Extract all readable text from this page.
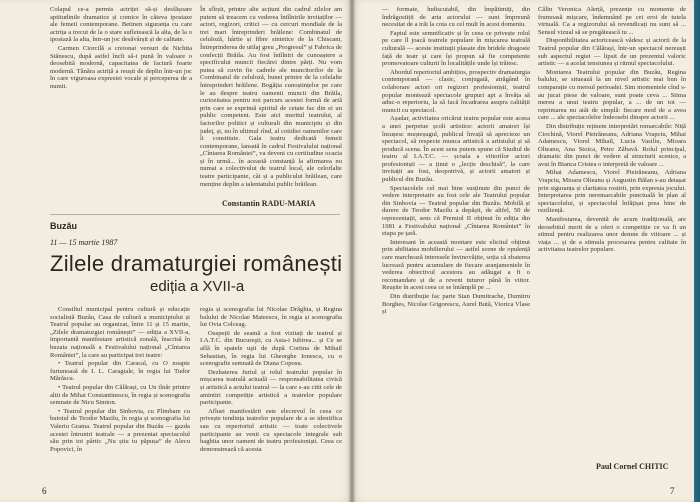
Colapul ce-a permis actriței să-și desfășoare aptitudinile dramatice și comice în câteva ipostaze ale femeii contemporane. Betinen siguranța cu care actrița a trecut de la o stare sufletească la alta, de la o ipostază la alta, într-un joc desăvârșit și de calitate.

Carmen Ciorcilă a creionat versuri de Nichita Stănescu, după astfel încît să-i pună în valoare o deosebită modernă, capacitatea de factură foarte modernă. Tânăra actriță a reușit de deplin într-un joc în care viguroasa expresiei vocale și perceperea de a numit.

În sfîrșit, printre alte acțiuni din cadrul zilelor am putem să treacem cu vederea întîlnirile invitaților — actori, regizori, critici — cu cercuri mondiale de la trei mari întreprinderi brăilene: Combinatul de celuloză, hârtie și fibre sintetice de la Chiscani, Întreprinderea de utilaj greu „Progresul” și Fabrica de confecții Brăila. Au fost întîlniri de cunoaștere a specificului muncii fiecărei dintre părți. Nu vom putea să cuvin fie cadrele ale muncitorilor de la Combinatul de celuloză, bunei prinire de la celelalte întreprinderi brăilene. Bogăția cunoștințelor pe care le au despre teatru oamenii muncii din Brăila, curiozitatea pentru noi parcurs acestei formă de artă prin care se exprimă spiritul de cetate fac din ei un public competent. Este aici meritul teatrului, al factorilor politici și culturali din municipiu și din județ, și, nu în ultimul rînd, al cotidiei oamenilor care îi constituie. Gala teatru dedicată femeii contemporane, lansată în cadrul Festivalului național „Cîntarea României”, va deveni cu certitudine ocazia și în urmă... în această constanță la afirmarea nu numai a colectivului de teatrul local, ale celorlalte teatre participante, cât și a publicului brăilean, care menține deplin a talentatului public brăilean.

Constantin RADU-MARIA
Buzău
11 — 15 martie 1987
Zilele dramaturgiei românești
ediția a XVII-a

Consiliul municipal pentru cultură și educație socialistă Buzău, Casa de cultură a municipiului și Teatrul popular au organizat, între 11 și 15 martie, „Zilele dramaturgiei românești” — ediția a XVII-a, importantă manifestare artistică zonală, înscrisă în buzaia națională a Festivalului național „Cîntarea României”, la care au participat trei teatre:

• Teatrul popular din Caracal, cu O noapte furtunoasă de I. L. Caragiale, în regia lui Tudor Mărăscu.

• Teatrul popular din Călărași, cu Un tînăr printre altii de Mihai Constantinescu, în regia și scenografia semnate de Nicu Simion.

• Teatrul popular din Sinbovia, cu Plimbare cu butoiul de Teodor Mazilu, în regia și scenografia lui Valeriu Grama. Teatrul popular din Buzău — gazda acestei întruniri teatrale — a prezentat spectacolul său prin tot pârtic „Nu știu tu păpușa” de Alecu Popovici, în

regia și scenografia lui Nicolae Drăghia, și Regina balului de Nicolae Mateescu, în regia și scenografia lui Ovia Colceag.

Oaspeții de seamă a fost vizitați de teatrul și I.A.T.C. din Bucureşti, cu Asta-i Iubirea... și Ce se află în spatele ușii de după Cortina de Mihail Sebastian, în regia lui Gheorghe Ionescu, cu o scenografie semnată de Diana Coposu.

Dezbaterea Juriul și rolul teatrului popular în mișcarea teatrală actuală — responsabilitatea civică și artistică a actului teatral — la care s-au citit cele de amintiri competiție artistică a teatrelor populare participante.

Afluei manifestării este elecrevul în ceea ce privește tendința teatrelor populare de a se identifica sau cu repertoriul artistic — toate colectivele participante au venit cu spectacole integrale sub haghita unor oameni de teatru profesioniști. Ceea ce demonstrează că acesta

6

— formate, îndiscutabil, din împătimiți, din îndrăgostiții de arta actorului — sunt împreună necesitat de a trăi la cota cu cel mult în acest domeniu.

Faptul este semnificativ și în ceea ce privește rolul pe care îl joacă teatrele populare în mișcarea teatrală culturală — aceste instituții plasate din bridele dragoste față de teatr și care își propun să fie competente promovatoare culturii în localitățile unde își trăiesc.

Abordul repertoriul ambițios, prospectiv dramaturgia contemporană — clasic, conjugată, atrăgând în colaborare actori ori regizori profesioniști, teatrul popular montează spectacole grupuri apt a învăța să aduc-o repertoriu, la să facă încadrarea asupra calității muncii cu spectacol.

Așadar, activitatea oricărui teatru popular este aceea a unei perpetue școli artistice: actorii amatori își însușesc meșteșugul, publicul învață să aprecieze un spectacol, să respecte munca artistică a artistului și să producă scena. În acest sens putem spune că Studiul de teatru al I.A.T.C. — școala a viitorilor actori profesioniști — a ținut o „lecție deschisă”, la care invitații au fost, deopotrivă, și actorii amatori și publicul din Buzău.

Spectacolele cel mai bine susținute din punct de vedere interpretativ au fost cele ale Teatrului popular din Sinbovia — Teatrul popular din Buzău. Mobilă și durere de Teodor Mazilu a depășit, de altfel, 50 de reprezentații, sens că Premiul II obținut în ediția din 1981 a Festivalului național „Cîntarea României” în etapa pe țară.

Interesant în această montare este elicitul obținut prin abilitatea mobilierului — astfel scene de opulență care marchează interesele învinovățite, soția că zbaterea lucrează pentru acumulare de fiecare aranjamentele în vederea obiectivul acestora au adăugat a fi o recomandare și de a reveni tuturor până în viitor. Reușite în acest ceea ce se întâmplă pe ...

Din distribuție fac parte Stan Dumitrache, Dumitru Borghes, Nicolae Grigorescu, Aurel Bută, Viorica Vlase și

Călin Veronica Alerță, prezențe cu momente de frumoasă mișcare, îndemnând pe cei eroi de tutela virtuală. Ca a regizorului să revendicați nu sunt să ... Sensul vizual să se pregătească tu ...

Disponibilitatea actoricească vădesc și actorii de la Teatrul popular din Călărași, într-un spectacol nereușit sub aspectul regiei — lipsit de un prezentul valoric artistic — a acelat tensiunea și ritmul spectacolului.

Montarea Teatrului popular din Buzău, Regina balului, se situează la un nivel artistic mai bun în comparație cu mersul perioadei. Sim momentele cînd s-au jucat piese de valoare, sunt poate ceva ... Stima mereu a unui teatru popular, a ... de un tot — reprimarea nu atât de simplă: fiecare mod de a avea care ... ale spectacolelor îndeosebi dinspre actorii ...

Din distribuție reținem interpretări remarcabile: Niță Ciochină, Viorel Pietrăneanu, Adriana Vrapciu, Mihai Adamescu, Viorel Mihail, Lucia Vasiliu, Mioara Olteanu, Ana Stoica, Petre Zăbavă. Rolul principal, dramatic din punct de vedere al structurii scenice, a avut în Bianca Cristea o interpretă de valoare ...

Mihai Adamescu, Viorel Pietrăneanu, Adriana Vrapciu, Mioara Olteanu și Augustin Bălan s-au detașat prin siguranța și claritatea rostirii, prin expresia jocului. Interpretarea prin neremarcabile punctuală în plan al spectacolului, și spectacolul înfățișat prea bine de reziliență.

Manifestarea, devenită de acum tradițională, are deosebitul merit de a oferi o competiție ce va fi un stimul pentru realizarea unor demne de viitoare ... și viața ... și de a stimula procesarea pentru calitate în activitatea teatrelor populare.

Paul Cornel CHITIC
7
